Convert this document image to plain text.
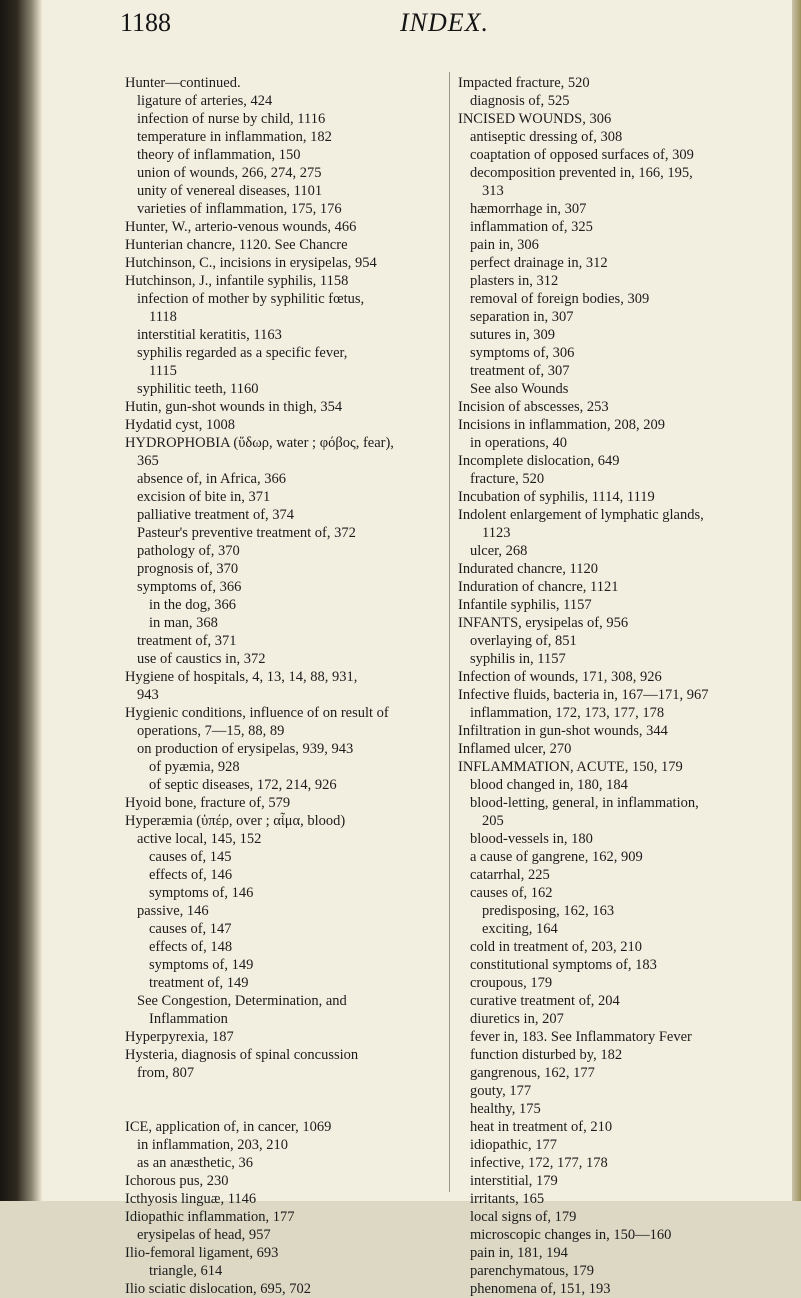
1188	INDEX.
Hunter—continued.
ligature of arteries, 424
infection of nurse by child, 1116
temperature in inflammation, 182
theory of inflammation, 150
union of wounds, 266, 274, 275
unity of venereal diseases, 1101
varieties of inflammation, 175, 176
Hunter, W., arterio-venous wounds, 466
Hunterian chancre, 1120. See Chancre
Hutchinson, C., incisions in erysipelas, 954
Hutchinson, J., infantile syphilis, 1158
infection of mother by syphilitic fœtus,
1118
interstitial keratitis, 1163
syphilis regarded as a specific fever,
1115
syphilitic teeth, 1160
Hutin, gun-shot wounds in thigh, 354
Hydatid cyst, 1008
HYDROPHOBIA (ὕδωρ, water ; φόβος, fear),
365
absence of, in Africa, 366
excision of bite in, 371
palliative treatment of, 374
Pasteur's preventive treatment of, 372
pathology of, 370
prognosis of, 370
symptoms of, 366
in the dog, 366
in man, 368
treatment of, 371
use of caustics in, 372
Hygiene of hospitals, 4, 13, 14, 88, 931,
943
Hygienic conditions, influence of on result of
operations, 7—15, 88, 89
on production of erysipelas, 939, 943
of pyæmia, 928
of septic diseases, 172, 214, 926
Hyoid bone, fracture of, 579
Hyperæmia (ὑπέρ, over ; αἷμα, blood)
active local, 145, 152
causes of, 145
effects of, 146
symptoms of, 146
passive, 146
causes of, 147
effects of, 148
symptoms of, 149
treatment of, 149
See Congestion, Determination, and
Inflammation
Hyperpyrexia, 187
Hysteria, diagnosis of spinal concussion
from, 807
ICE, application of, in cancer, 1069
in inflammation, 203, 210
as an anæsthetic, 36
Ichorous pus, 230
Icthyosis linguæ, 1146
Idiopathic inflammation, 177
erysipelas of head, 957
Ilio-femoral ligament, 693
triangle, 614
Ilio sciatic dislocation, 695, 702
Impacted fracture, 520
diagnosis of, 525
INCISED WOUNDS, 306
antiseptic dressing of, 308
coaptation of opposed surfaces of, 309
decomposition prevented in, 166, 195,
313
hæmorrhage in, 307
inflammation of, 325
pain in, 306
perfect drainage in, 312
plasters in, 312
removal of foreign bodies, 309
separation in, 307
sutures in, 309
symptoms of, 306
treatment of, 307
See also Wounds
Incision of abscesses, 253
Incisions in inflammation, 208, 209
in operations, 40
Incomplete dislocation, 649
fracture, 520
Incubation of syphilis, 1114, 1119
Indolent enlargement of lymphatic glands,
1123
ulcer, 268
Indurated chancre, 1120
Induration of chancre, 1121
Infantile syphilis, 1157
INFANTS, erysipelas of, 956
overlaying of, 851
syphilis in, 1157
Infection of wounds, 171, 308, 926
Infective fluids, bacteria in, 167—171, 967
inflammation, 172, 173, 177, 178
Infiltration in gun-shot wounds, 344
Inflamed ulcer, 270
INFLAMMATION, ACUTE, 150, 179
blood changed in, 180, 184
blood-letting, general, in inflammation,
205
blood-vessels in, 180
a cause of gangrene, 162, 909
catarrhal, 225
causes of, 162
predisposing, 162, 163
exciting, 164
cold in treatment of, 203, 210
constitutional symptoms of, 183
croupous, 179
curative treatment of, 204
diuretics in, 207
fever in, 183. See Inflammatory Fever
function disturbed by, 182
gangrenous, 162, 177
gouty, 177
healthy, 175
heat in treatment of, 210
idiopathic, 177
infective, 172, 177, 178
interstitial, 179
irritants, 165
local signs of, 179
microscopic changes in, 150—160
pain in, 181, 194
parenchymatous, 179
phenomena of, 151, 193
